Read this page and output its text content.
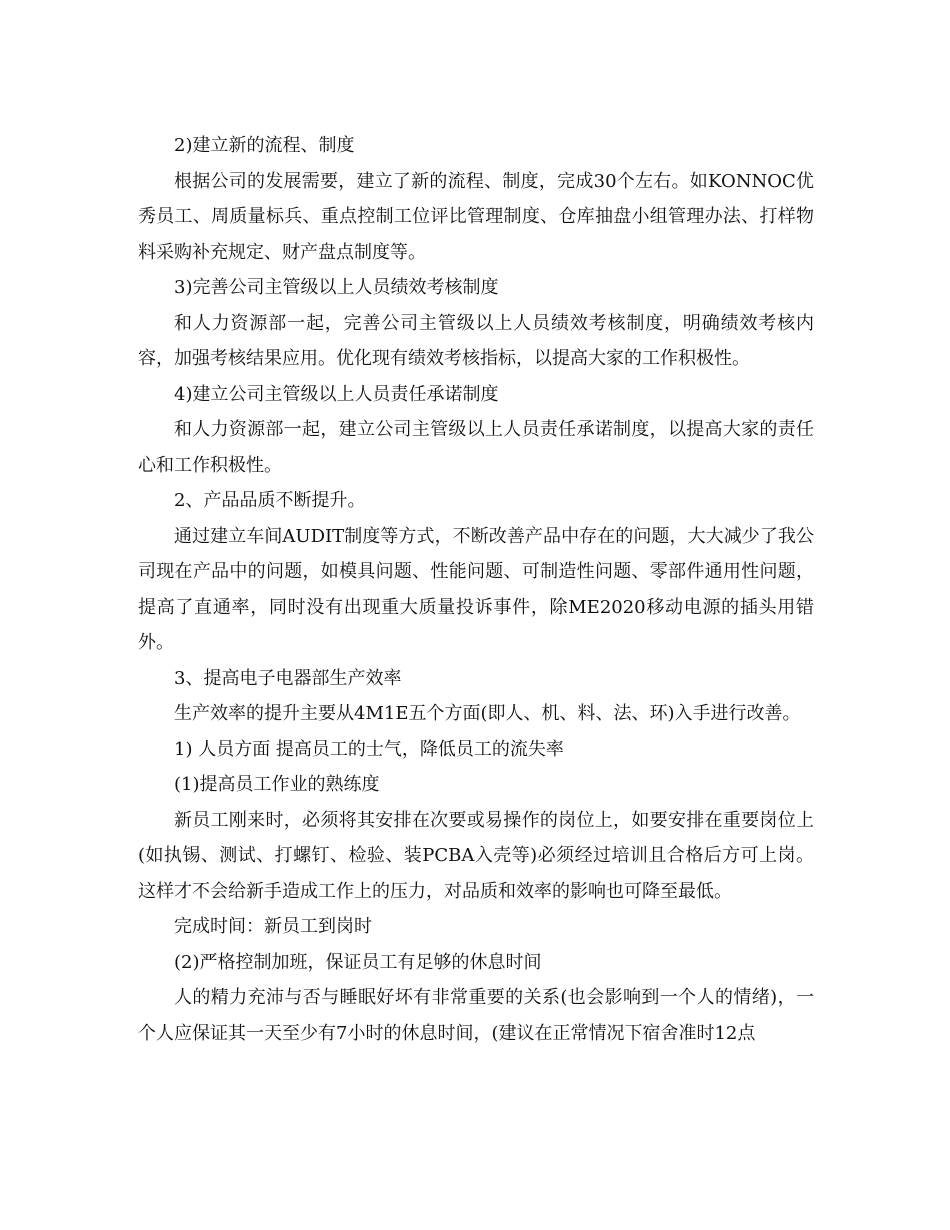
2)建立新的流程、制度

根据公司的发展需要，建立了新的流程、制度，完成30个左右。如KONNOC优秀员工、周质量标兵、重点控制工位评比管理制度、仓库抽盘小组管理办法、打样物料采购补充规定、财产盘点制度等。

3)完善公司主管级以上人员绩效考核制度

和人力资源部一起，完善公司主管级以上人员绩效考核制度，明确绩效考核内容，加强考核结果应用。优化现有绩效考核指标，以提高大家的工作积极性。

4)建立公司主管级以上人员责任承诺制度

和人力资源部一起，建立公司主管级以上人员责任承诺制度，以提高大家的责任心和工作积极性。

2、产品品质不断提升。

通过建立车间AUDIT制度等方式，不断改善产品中存在的问题，大大减少了我公司现在产品中的问题，如模具问题、性能问题、可制造性问题、零部件通用性问题，提高了直通率，同时没有出现重大质量投诉事件，除ME2020移动电源的插头用错外。

3、提高电子电器部生产效率

生产效率的提升主要从4M1E五个方面(即人、机、料、法、环)入手进行改善。

1) 人员方面 提高员工的士气，降低员工的流失率

(1)提高员工作业的熟练度

新员工刚来时，必须将其安排在次要或易操作的岗位上，如要安排在重要岗位上(如执锡、测试、打螺钉、检验、装PCBA入壳等)必须经过培训且合格后方可上岗。这样才不会给新手造成工作上的压力，对品质和效率的影响也可降至最低。

完成时间：新员工到岗时

(2)严格控制加班，保证员工有足够的休息时间

人的精力充沛与否与睡眠好坏有非常重要的关系(也会影响到一个人的情绪)，一个人应保证其一天至少有7小时的休息时间，(建议在正常情况下宿舍准时12点
